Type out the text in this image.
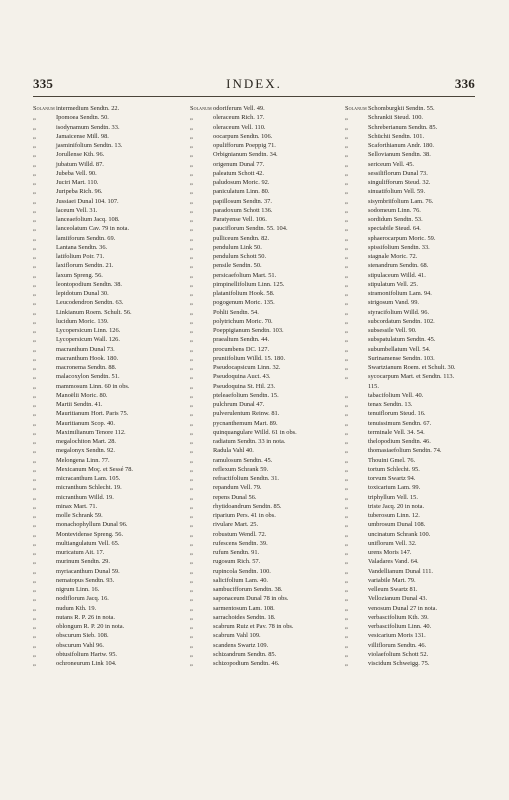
335	INDEX.	336
Solanumintermedium Sendtn. 22.
„	Ipomoea Sendtn. 50.
„	isodynamum Sendtn. 33.
„	Jamaicense Mill. 98.
„	jasminifolium Sendtn. 13.
„	Jorullense Kth. 96.
„	jubatum Willd. 87.
„	Jubeba Vell. 90.
„	Juciri Mart. 110.
„	Juripeba Rich. 96.
„	Jussiaei Dunal 104. 107.
„	laceum Vell. 31.
„	lanceaefolium Jacq. 108.
„	lanceolatum Cav. 79 in nota.
„	lamiiforum Sendtn. 69.
„	Lantana Sendtn. 36.
„	latifolium Poir. 71.
„	laxiflorum Sendtn. 21.
„	laxum Spreng. 56.
„	leontopodium Sendtn. 38.
„	lepidotum Dunal 30.
„	Leucodendron Sendtn. 63.
„	Linkianum Roem. Schult. 56.
„	lucidum Moric. 139.
„	Lycopersicum Linn. 126.
„	Lycopersicum Wall. 126.
„	macranthum Dunal 73.
„	macranthum Hook. 180.
„	macronema Sendtn. 88.
„	malacoxylon Sendtn. 51.
„	mammosum Linn. 60 in obs.
„	Manoëlii Moric. 80.
„	Martii Sendtn. 41.
„	Mauritianum Hort. Paris 75.
„	Mauritianum Scop. 40.
„	Maximilianum Tenore 112.
„	megalochiton Mart. 28.
„	megalonyx Sendtn. 92.
„	Melongena Linn. 77.
„	Mexicanum Moç. et Sessé 78.
„	micracanthum Lam. 105.
„	micranthum Schlecht. 19.
„	micranthum Willd. 19.
„	minax Mart. 71.
„	molle Schrank 59.
„	monachophyllum Dunal 96.
„	Montevidense Spreng. 56.
„	multiangulatum Vell. 65.
„	muricatum Ait. 17.
„	murinum Sendtn. 29.
„	myriacanthum Dunal 59.
„	nematopus Sendtn. 93.
„	nigrum Linn. 16.
„	nodiflorum Jacq. 16.
„	nudum Kth. 19.
„	nutans R. P. 26 in nota.
„	oblongum R. P. 20 in nota.
„	obscurum Sieb. 108.
„	obscurum Vahl 96.
„	obtusifolium Hartw. 95.
„	ochroneurum Link 104.
Solanumodoriferum Vell. 49.
„	oleraceum Rich. 17.
„	oleraceum Vell. 110.
„	oocarpum Sendtn. 106.
„	opulifforum Poeppig 71.
„	Orbignianum Sendtn. 34.
„	origenum Dunal 77.
„	paleatum Schott 42.
„	paludosum Moric. 92.
„	paniculatum Linn. 80.
„	papillosum Sendtn. 37.
„	paradoxum Schott 136.
„	Paratyense Vell. 106.
„	pauciflorum Sendtn. 55. 104.
„	pulliceum Sendtn. 82.
„	pendulum Link 50.
„	pendulum Schott 50.
„	pensile Sendtn. 50.
„	persicaefolium Mart. 51.
„	pimpinellifolium Linn. 125.
„	platanifolium Hook. 58.
„	pogogenum Moric. 135.
„	Pohlii Sendtn. 54.
„	polytrichum Moric. 70.
„	Poeppigianum Sendtn. 103.
„	praealtum Sendtn. 44.
„	procumbens DC. 127.
„	pruniifolium Willd. 15. 180.
„	Pseudocapsicum Linn. 32.
„	Pseudoquina Auct. 43.
„	Pseudoquina St. Hil. 23.
„	pteleaefolium Sendtn. 15.
„	pulchrum Dunal 47.
„	pulverulentum Reinw. 81.
„	pycnanthemum Mart. 89.
„	quinquangulare Willd. 61 in obs.
„	radiatum Sendtn. 33 in nota.
„	Radula Vahl 40.
„	ramulosum Sendtn. 45.
„	reflexum Schrank 59.
„	refractifolium Sendtn. 31.
„	repandum Vell. 79.
„	repens Dunal 56.
„	rhytidoandrum Sendtn. 85.
„	riparium Pers. 41 in obs.
„	rivulare Mart. 25.
„	robustum Wendl. 72.
„	rufescens Sendtn. 39.
„	rufum Sendtn. 91.
„	rugosum Rich. 57.
„	rupincola Sendtn. 100.
„	salicifolium Lam. 40.
„	sambucifforum Sendtn. 38.
„	saponaceum Dunal 78 in obs.
„	sarmentosum Lam. 108.
„	sarrachoides Sendtn. 18.
„	scabrum Ruiz et Pav. 78 in obs.
„	scabrum Vahl 109.
„	scandens Swartz 109.
„	schizandrum Sendtn. 85.
„	schizopodium Sendtn. 46.
SolanumSchomburgkii Sendtn. 55.
„	Schrankii Steud. 100.
„	Schreberianum Sendtn. 85.
„	Schüchii Sendtn. 101.
„	Scaforthianum Andr. 180.
„	Sellovianum Sendtn. 38.
„	sericeum Vell. 45.
„	sessiliflorum Dunal 73.
„	singulifforum Steud. 32.
„	sinuatifolium Vell. 59.
„	sisymbriifolium Lam. 76.
„	sodomeum Linn. 76.
„	sordidum Sendtn. 53.
„	spectabile Steud. 64.
„	sphaerocarpum Moric. 59.
„	spissifolium Sendtn. 33.
„	stagnale Moric. 72.
„	stenandrum Sendtn. 68.
„	stipulaceum Willd. 41.
„	stipulatum Vell. 25.
„	stramonifolium Lam. 94.
„	strigosum Vand. 99.
„	styracifolium Willd. 96.
„	subcordatum Sendtn. 102.
„	subsessile Vell. 90.
„	subspatulatum Sendtn. 45.
„	subumbellatum Vell. 54.
„	Surinamense Sendtn. 103.
„	Swartzianum Roem. et Schult. 30.
„	sycocarpum Mart. et Sendtn. 113.
115.
„	tabacifolium Vell. 40.
„	tenax Sendtn. 13.
„	tenuiflorum Steud. 16.
„	tenuissimum Sendtn. 67.
„	terminale Vell. 34. 54.
„	thelopodium Sendtn. 46.
„	thomasiaefolium Sendtn. 74.
„	Thouini Gmel. 76.
„	tortum Schlecht. 95.
„	torvum Swartz 94.
„	toxicarium Lam. 99.
„	triphyllum Vell. 15.
„	triste Jacq. 20 in nota.
„	tuberosum Linn. 12.
„	umbrosum Dunal 108.
„	uncinatum Schrank 100.
„	uniflorum Vell. 32.
„	urens Moris 147.
„	Valadares Vand. 64.
„	Vandellianum Dunal 111.
„	variabile Mart. 79.
„	velleum Swartz 81.
„	Vellozianum Dunal 43.
„	venosum Dunal 27 in nota.
„	verbascifolium Kth. 39.
„	verbascifolium Linn. 40.
„	vesicarium Moris 131.
„	villiflorum Sendtn. 46.
„	violaefolium Schott 52.
„	viscidum Schweigg. 75.
